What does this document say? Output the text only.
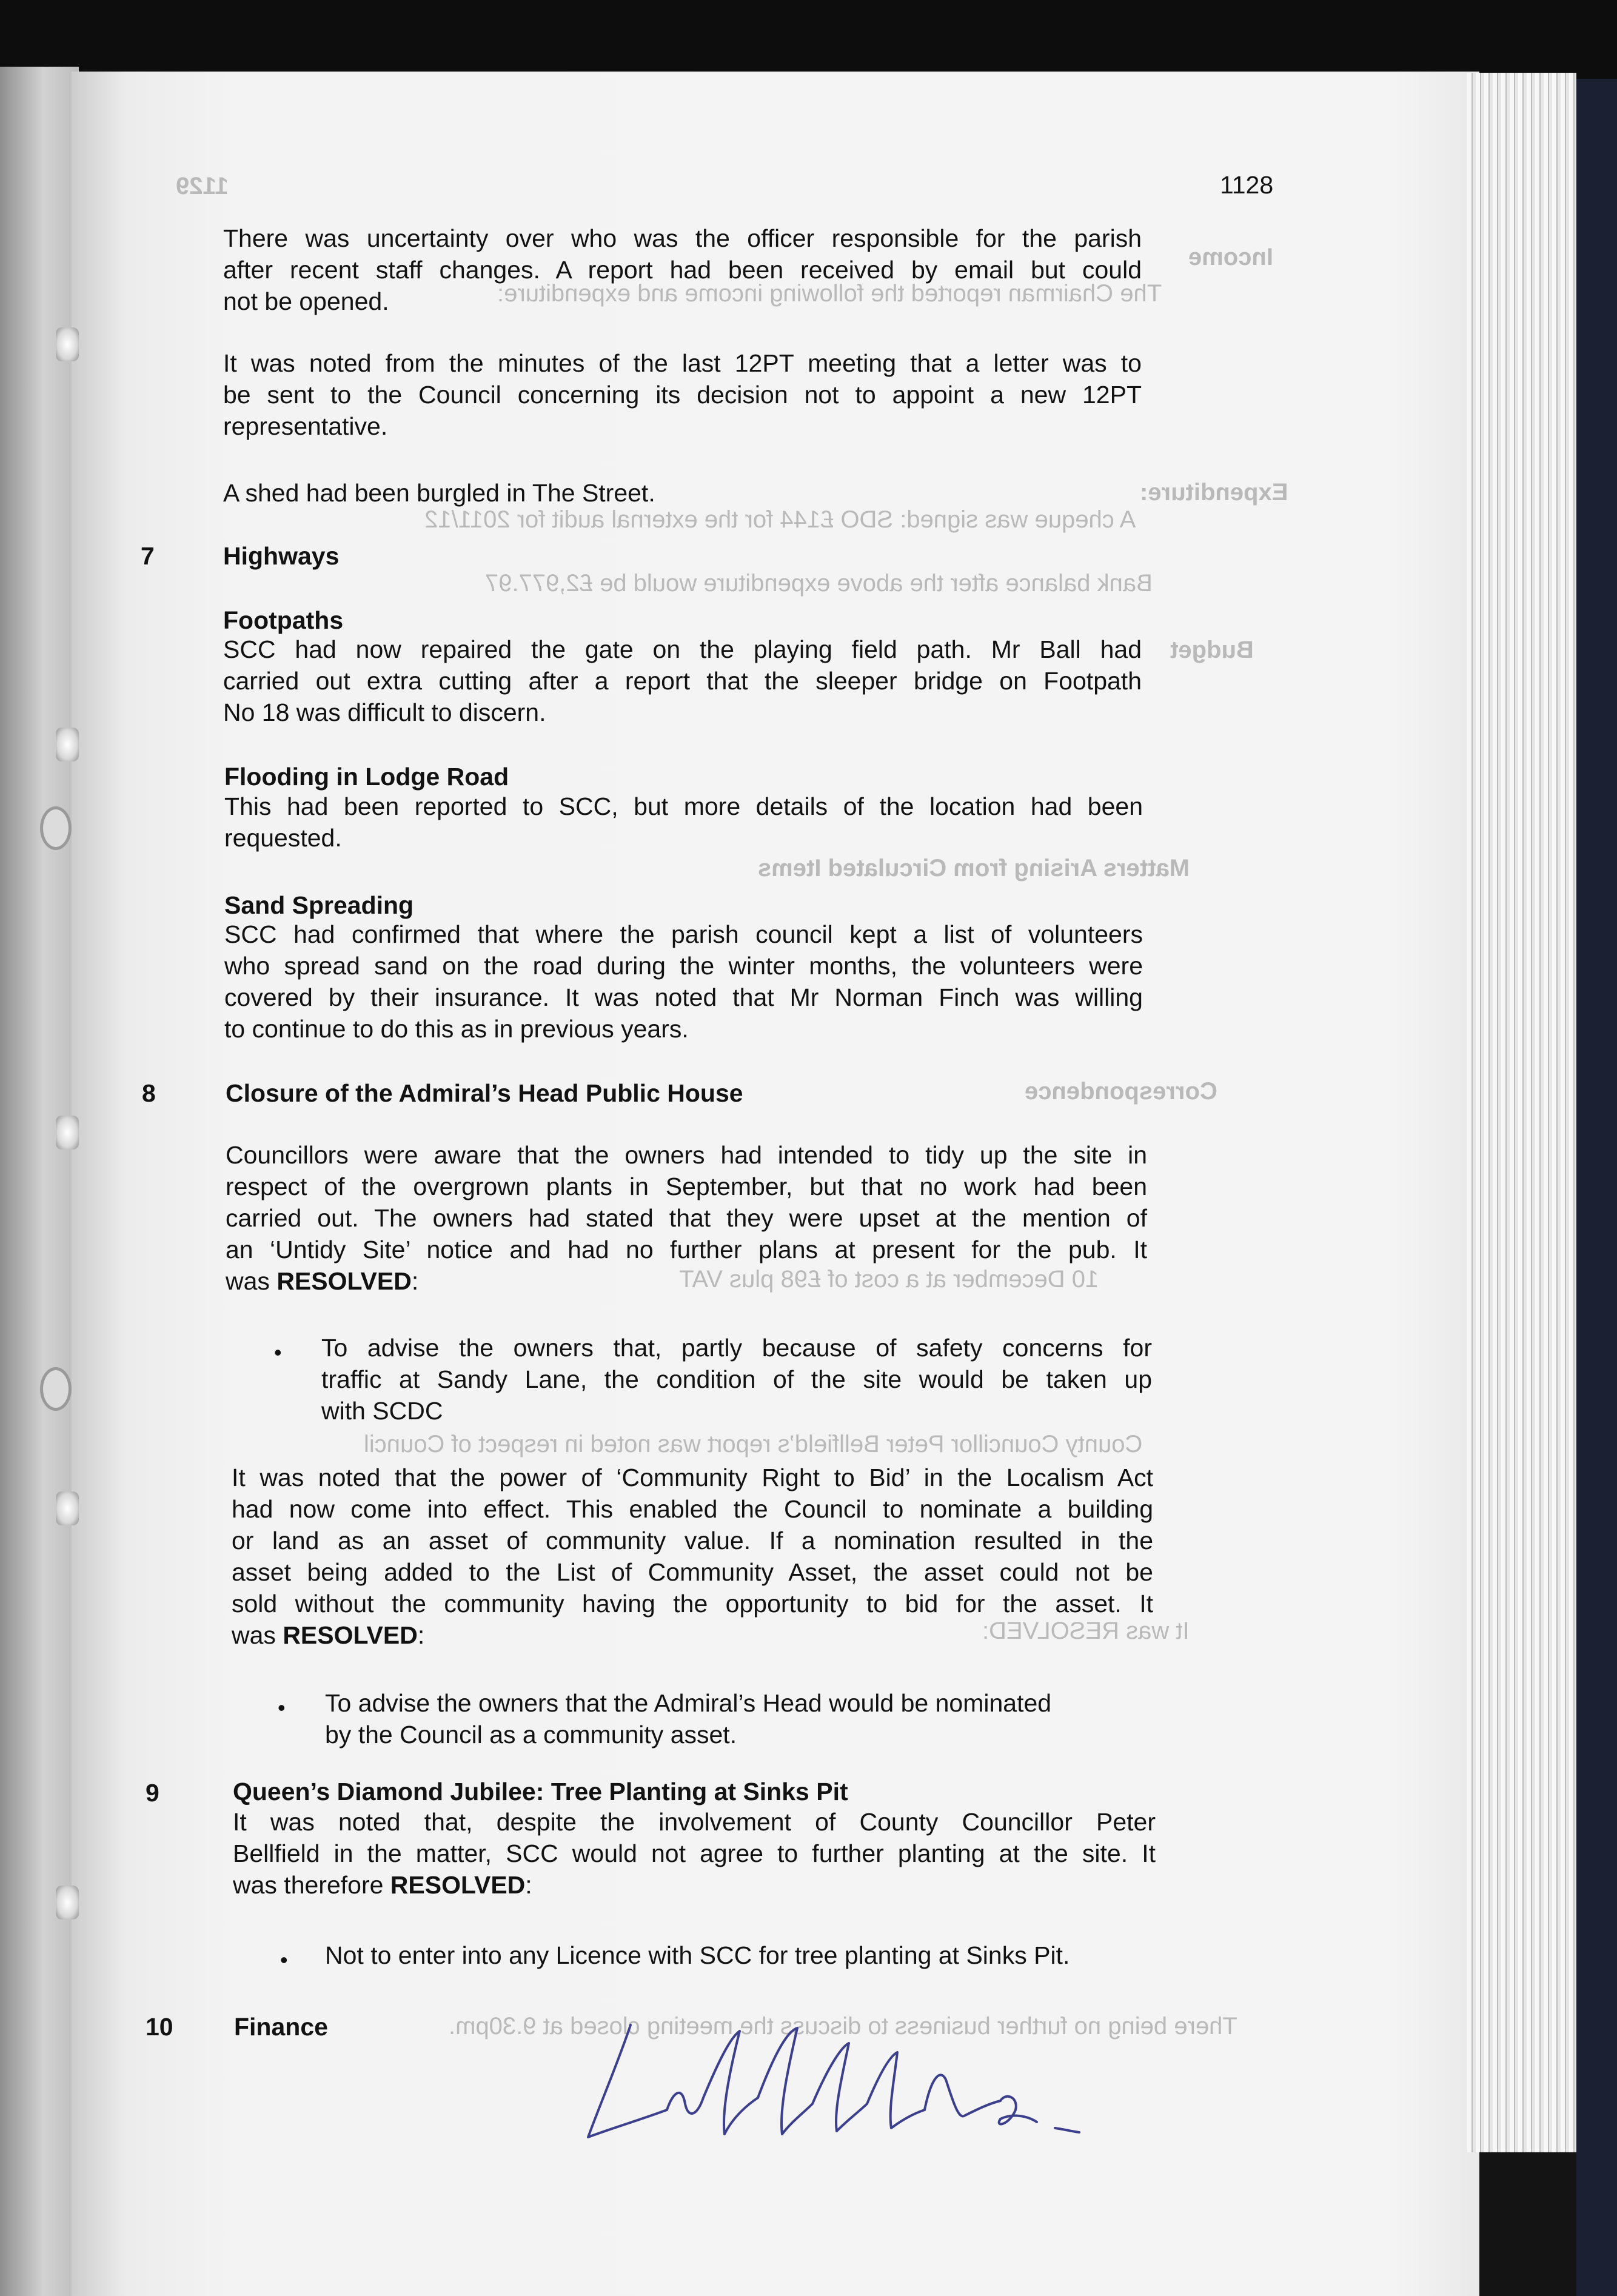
1129
Income
The Chairman reported the following income and expenditure:
Expenditure:
A cheque was signed: SDO £144 for the external audit for 2011/12
Bank balance after the above expenditure would be £2,977.97
Budget
Matters Arising from Circulated Items
Correspondence
10 December at a cost of £98 plus VAT
County Councillor Peter Bellfield’s report was noted in respect of Council
It was RESOLVED:
There being no further business to discuss the meeting closed at 9.30pm.
1128
There was uncertainty over who was the officer responsible for the parish
after recent staff changes. A report had been received by email but could
not be opened.
It was noted from the minutes of the last 12PT meeting that a letter was to
be sent to the Council concerning its decision not to appoint a new 12PT
representative.
A shed had been burgled in The Street.
7	Highways
Footpaths
SCC had now repaired the gate on the playing field path. Mr Ball had
carried out extra cutting after a report that the sleeper bridge on Footpath
No 18 was difficult to discern.
Flooding in Lodge Road
This had been reported to SCC, but more details of the location had been
requested.
Sand Spreading
SCC had confirmed that where the parish council kept a list of volunteers
who spread sand on the road during the winter months, the volunteers were
covered by their insurance. It was noted that Mr Norman Finch was willing
to continue to do this as in previous years.
8	Closure of the Admiral’s Head Public House
Councillors were aware that the owners had intended to tidy up the site in
respect of the overgrown plants in September, but that no work had been
carried out. The owners had stated that they were upset at the mention of
an ‘Untidy Site’ notice and had no further plans at present for the pub. It
was RESOLVED:
• To advise the owners that, partly because of safety concerns for
traffic at Sandy Lane, the condition of the site would be taken up
with SCDC
It was noted that the power of ‘Community Right to Bid’ in the Localism Act
had now come into effect. This enabled the Council to nominate a building
or land as an asset of community value. If a nomination resulted in the
asset being added to the List of Community Asset, the asset could not be
sold without the community having the opportunity to bid for the asset. It
was RESOLVED:
• To advise the owners that the Admiral’s Head would be nominated
by the Council as a community asset.
9	Queen’s Diamond Jubilee: Tree Planting at Sinks Pit
It was noted that, despite the involvement of County Councillor Peter
Bellfield in the matter, SCC would not agree to further planting at the site. It
was therefore RESOLVED:
• Not to enter into any Licence with SCC for tree planting at Sinks Pit.
10 Finance
